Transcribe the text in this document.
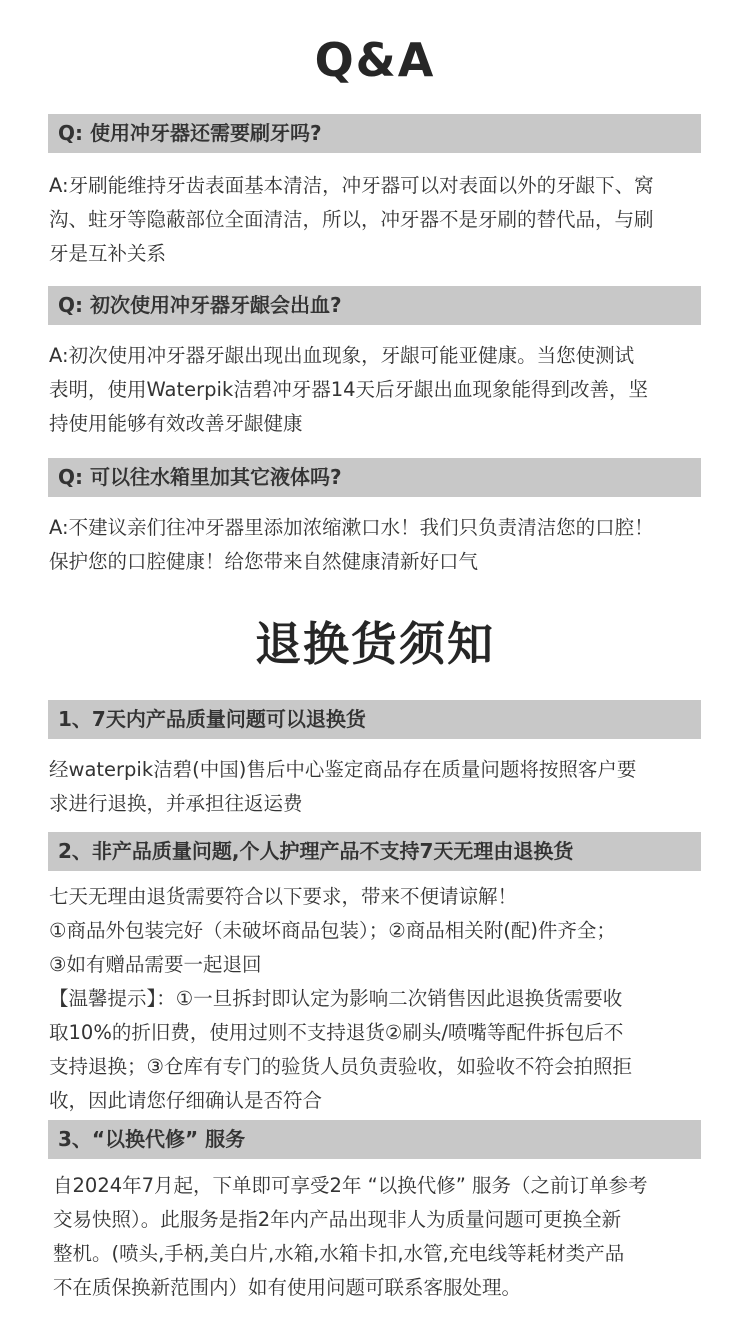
Q&A
Q: 使用冲牙器还需要刷牙吗?
A:牙刷能维持牙齿表面基本清洁，冲牙器可以对表面以外的牙龈下、窝
沟、蛀牙等隐蔽部位全面清洁，所以，冲牙器不是牙刷的替代品，与刷
牙是互补关系
Q: 初次使用冲牙器牙龈会出血?
A:初次使用冲牙器牙龈出现出血现象，牙龈可能亚健康。当您使测试
表明，使用Waterpik洁碧冲牙器14天后牙龈出血现象能得到改善，坚
持使用能够有效改善牙龈健康
Q: 可以往水箱里加其它液体吗?
A:不建议亲们往冲牙器里添加浓缩漱口水！我们只负责清洁您的口腔！
保护您的口腔健康！给您带来自然健康清新好口气
退换货须知
1、7天内产品质量问题可以退换货
经waterpik洁碧(中国)售后中心鉴定商品存在质量问题将按照客户要
求进行退换，并承担往返运费
2、非产品质量问题,个人护理产品不支持7天无理由退换货
七天无理由退货需要符合以下要求，带来不便请谅解！
①商品外包装完好（未破坏商品包装）；②商品相关附(配)件齐全；
③如有赠品需要一起退回
【温馨提示】：①一旦拆封即认定为影响二次销售因此退换货需要收
取10%的折旧费，使用过则不支持退货②刷头/喷嘴等配件拆包后不
支持退换；③仓库有专门的验货人员负责验收，如验收不符会拍照拒
收，因此请您仔细确认是否符合
3、“以换代修” 服务
自2024年7月起，下单即可享受2年 “以换代修” 服务（之前订单参考
交易快照）。此服务是指2年内产品出现非人为质量问题可更换全新
整机。(喷头,手柄,美白片,水箱,水箱卡扣,水管,充电线等耗材类产品
不在质保换新范围内）如有使用问题可联系客服处理。
